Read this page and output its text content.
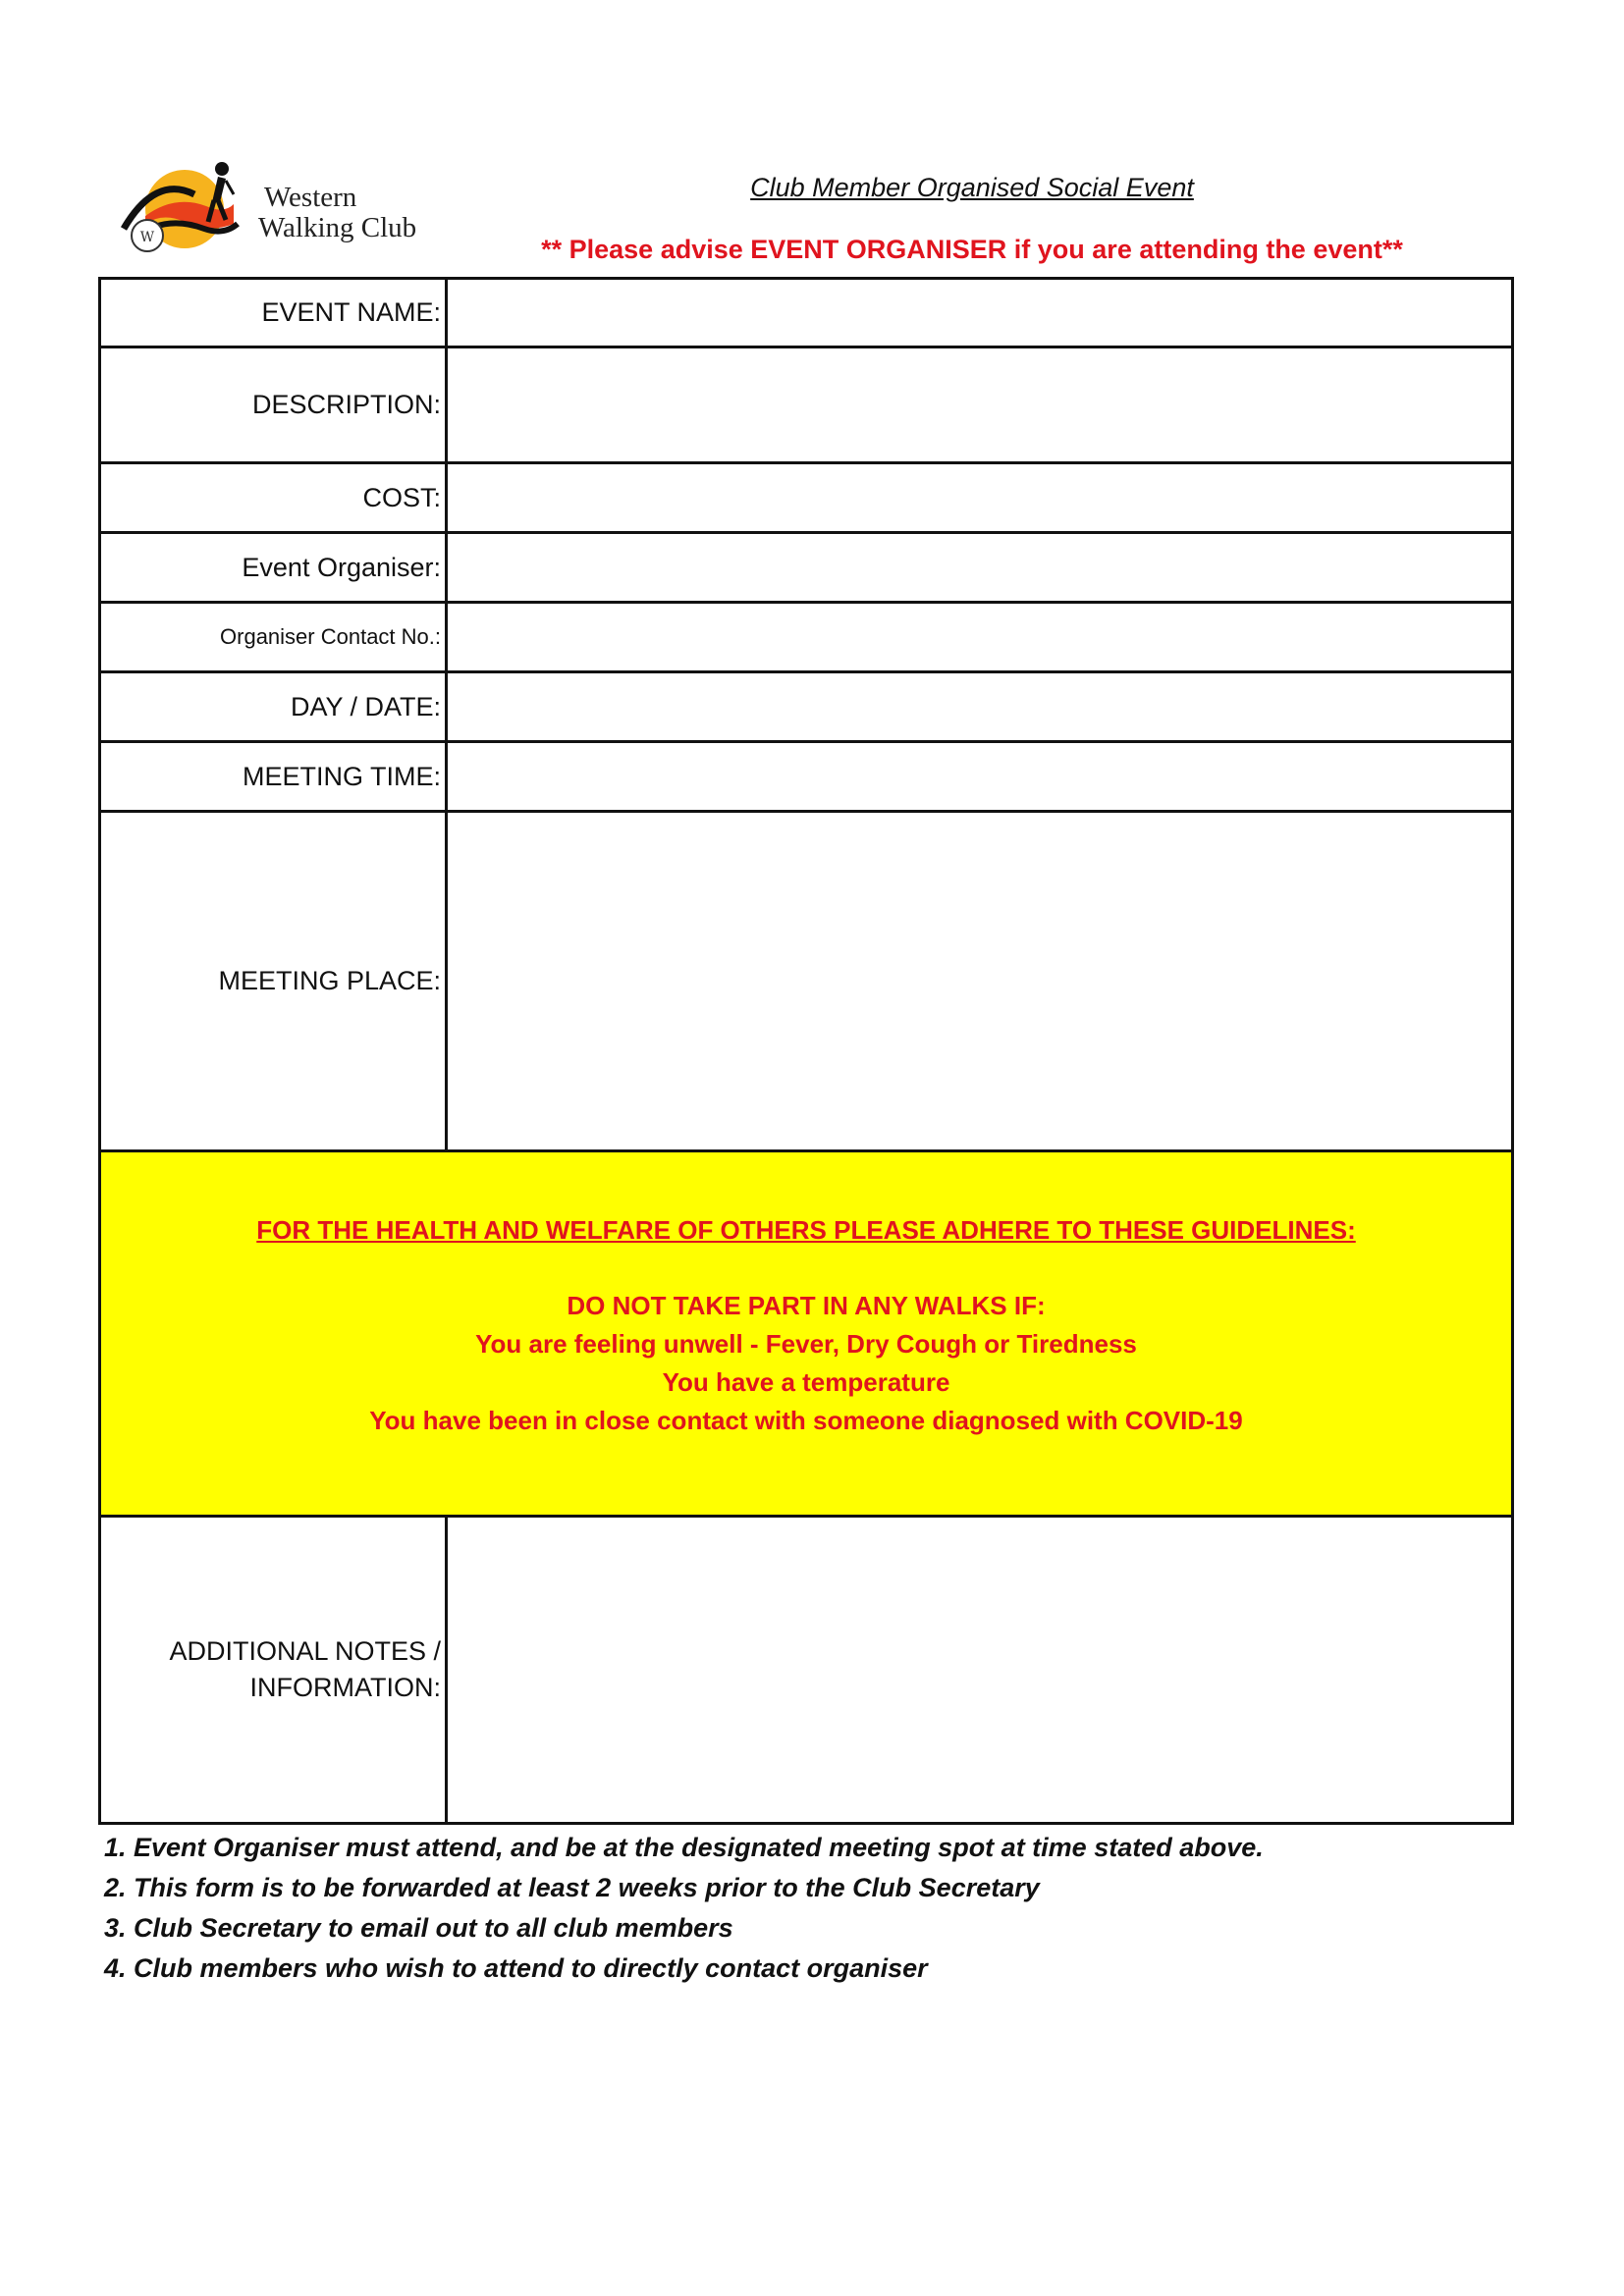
W
Western
Walking Club
Club Member Organised Social Event
** Please advise EVENT ORGANISER if you are attending the event**
EVENT NAME:	
DESCRIPTION:	
COST:	
Event Organiser:	
Organiser Contact No.:	
DAY / DATE:	
MEETING TIME:	
MEETING PLACE:	

FOR THE HEALTH AND WELFARE OF OTHERS PLEASE ADHERE TO THESE GUIDELINES:
DO NOT TAKE PART IN ANY WALKS IF:
You are feeling unwell - Fever, Dry Cough or Tiredness
You have a temperature
You have been in close contact with someone diagnosed with COVID-19	

ADDITIONAL NOTES /
INFORMATION:	

1. Event Organiser must attend, and be at the designated meeting spot at time stated above.
2. This form is to be forwarded at least 2 weeks prior to the Club Secretary
3. Club Secretary to email out to all club members
4. Club members who wish to attend to directly contact organiser
